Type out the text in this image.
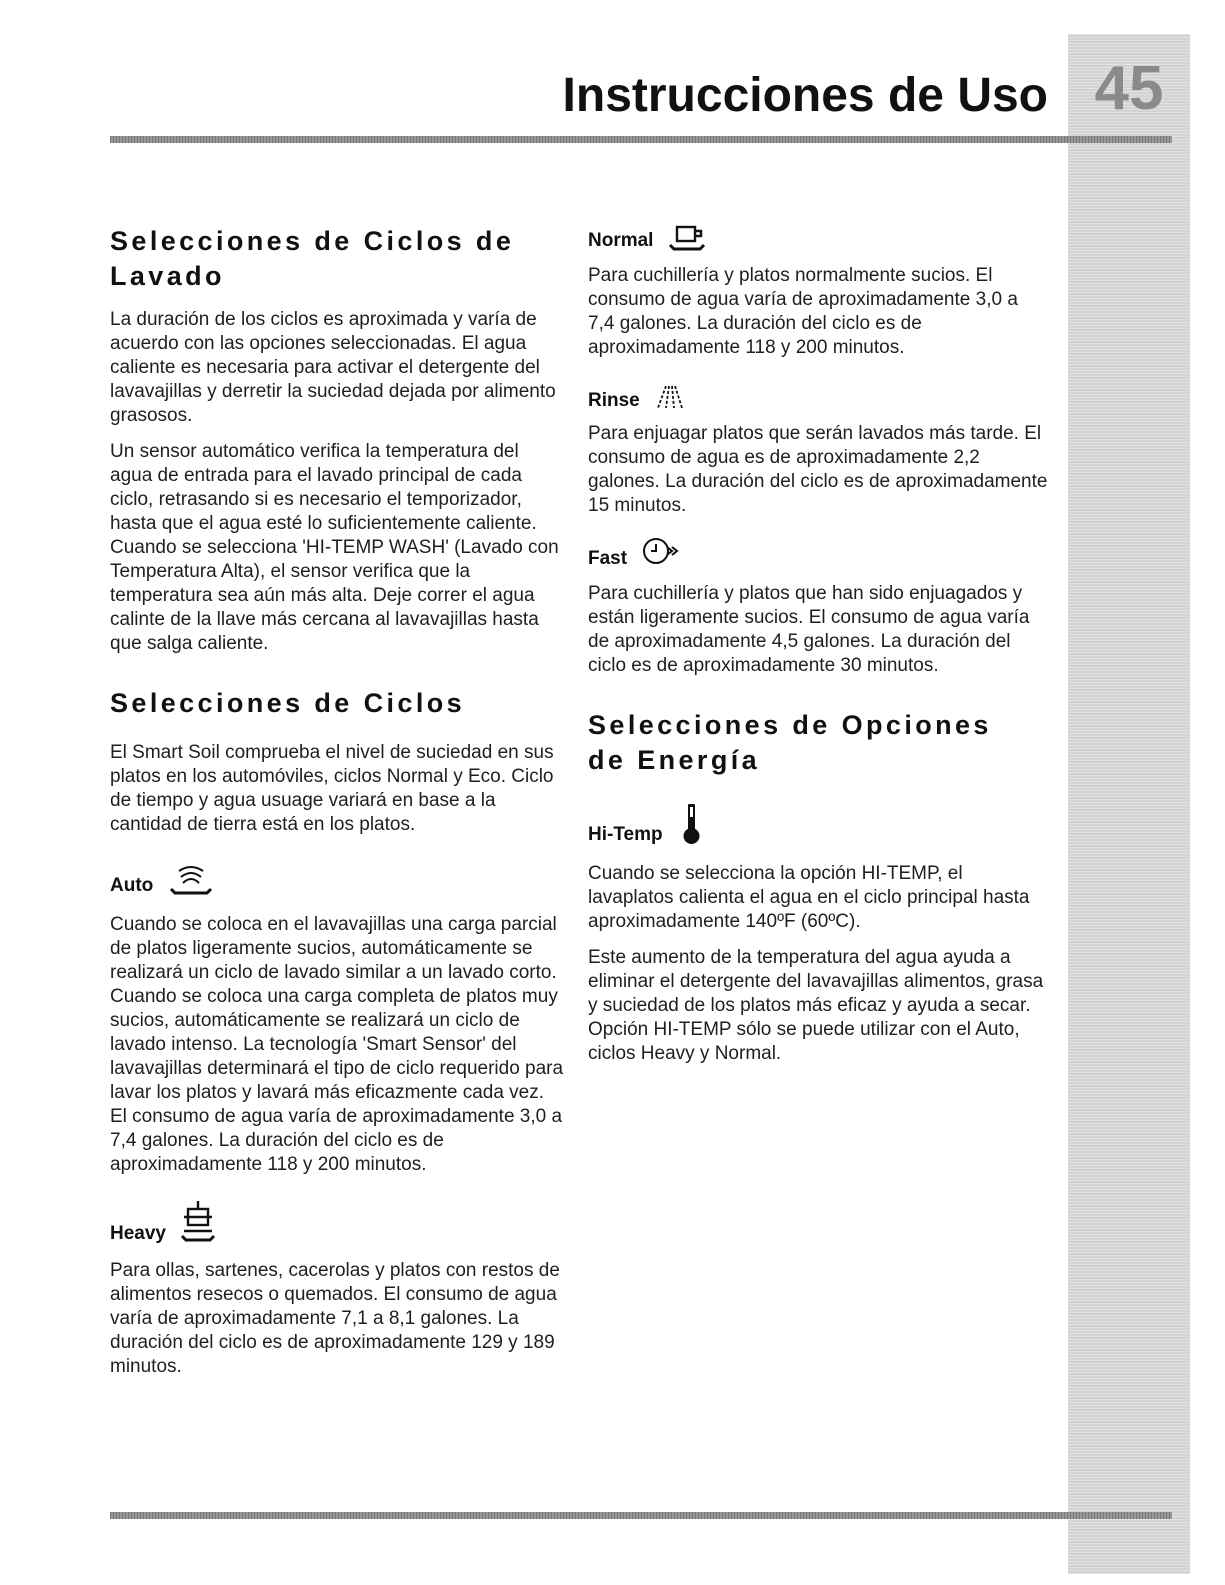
45
Instrucciones de Uso
Selecciones de Ciclos de
Lavado

La duración de los ciclos es aproximada y varía de acuerdo con las opciones seleccionadas. El agua caliente es necesaria para activar el detergente del lavavajillas y derretir la suciedad dejada por alimento grasosos.

Un sensor automático verifica la temperatura del agua de entrada para el lavado principal de cada ciclo, retrasando si es necesario el temporizador, hasta que el agua esté lo suficientemente caliente. Cuando se selecciona 'HI-TEMP WASH' (Lavado con Temperatura Alta), el sensor verifica que la temperatura sea aún más alta. Deje correr el agua calinte de la llave más cercana al lavavajillas hasta que salga caliente.

Selecciones de Ciclos

El Smart Soil comprueba el nivel de suciedad en sus platos en los automóviles, ciclos Normal y Eco. Ciclo de tiempo y agua usuage variará en base a la cantidad de tierra está en los platos.

Auto

Cuando se coloca en el lavavajillas una carga parcial de platos ligeramente sucios, automáticamente se realizará un ciclo de lavado similar a un lavado corto. Cuando se coloca una carga completa de platos muy sucios, automáticamente se realizará un ciclo de lavado intenso. La tecnología 'Smart Sensor' del lavavajillas determinará el tipo de ciclo requerido para lavar los platos y lavará más eficazmente cada vez. El consumo de agua varía de aproximadamente 3,0 a 7,4 galones. La duración del ciclo es de aproximadamente 118 y 200 minutos.

Heavy

Para ollas, sartenes, cacerolas y platos con restos de alimentos resecos o quemados. El consumo de agua varía de aproximadamente 7,1 a 8,1 galones. La duración del ciclo es de aproximadamente 129 y 189 minutos.

Normal

Para cuchillería y platos normalmente sucios. El consumo de agua varía de aproximadamente 3,0 a 7,4 galones. La duración del ciclo es de aproximadamente 118 y 200 minutos.

Rinse

Para enjuagar platos que serán lavados más tarde. El consumo de agua es de aproximadamente 2,2 galones. La duración del ciclo es de aproximadamente 15 minutos.

Fast

Para cuchillería y platos que han sido enjuagados y están ligeramente sucios. El consumo de agua varía de aproximadamente 4,5 galones. La duración del ciclo es de aproximadamente 30 minutos.

Selecciones de Opciones
de Energía
Hi-Temp

Cuando se selecciona la opción HI-TEMP, el lavaplatos calienta el agua en el ciclo principal hasta aproximadamente 140ºF (60ºC).

Este aumento de la temperatura del agua ayuda a eliminar el detergente del lavavajillas alimentos, grasa y suciedad de los platos más eficaz y ayuda a secar. Opción HI-TEMP sólo se puede utilizar con el Auto, ciclos Heavy y Normal.
